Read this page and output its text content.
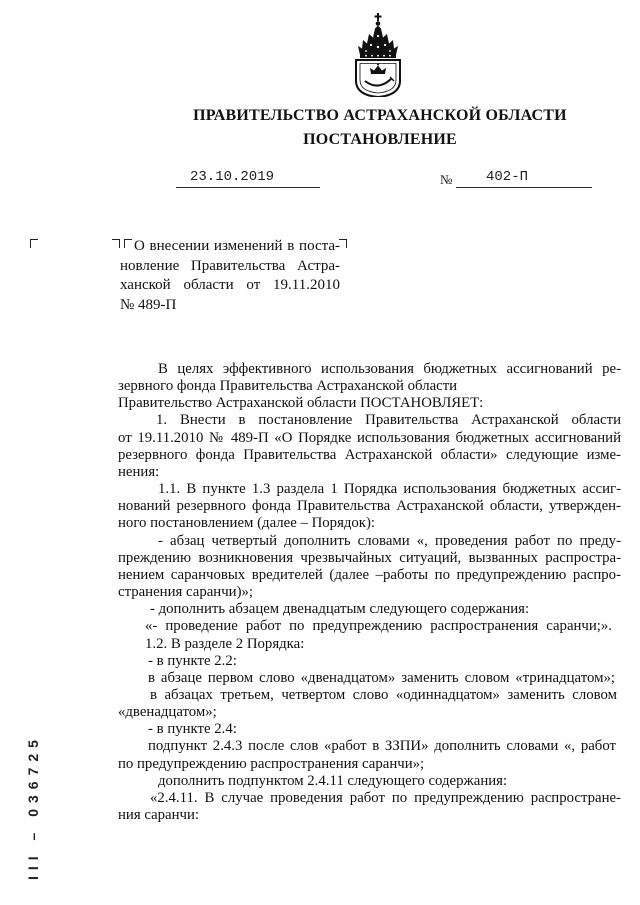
ПРАВИТЕЛЬСТВО АСТРАХАНСКОЙ ОБЛАСТИ
ПОСТАНОВЛЕНИЕ
23.10.2019	№	402-П
О внесении изменений в поста-
новление Правительства Астра-
ханской области от 19.11.2010
№ 489-П
В целях эффективного использования бюджетных ассигнований ре-
зервного фонда Правительства Астраханской области
Правительство Астраханской области ПОСТАНОВЛЯЕТ:
1. Внести в постановление Правительства Астраханской области
от 19.11.2010 № 489-П «О Порядке использования бюджетных ассигнований
резервного фонда Правительства Астраханской области» следующие изме-
нения:
1.1. В пункте 1.3 раздела 1 Порядка использования бюджетных ассиг-
нований резервного фонда Правительства Астраханской области, утвержден-
ного постановлением (далее – Порядок):
- абзац четвертый дополнить словами «, проведения работ по преду-
преждению возникновения чрезвычайных ситуаций, вызванных распростра-
нением саранчовых вредителей (далее –работы по предупреждению распро-
странения саранчи)»;
- дополнить абзацем двенадцатым следующего содержания:
«- проведение работ по предупреждению распространения саранчи;».
1.2. В разделе 2 Порядка:
- в пункте 2.2:
в абзаце первом слово «двенадцатом» заменить словом «тринадцатом»;
в абзацах третьем, четвертом слово «одиннадцатом» заменить словом
«двенадцатом»;
- в пункте 2.4:
подпункт 2.4.3 после слов «работ в ЗЗПИ» дополнить словами «, работ
по предупреждению распространения саранчи»;
дополнить подпунктом 2.4.11 следующего содержания:
«2.4.11. В случае проведения работ по предупреждению распростране-
ния саранчи:
III – 036725
